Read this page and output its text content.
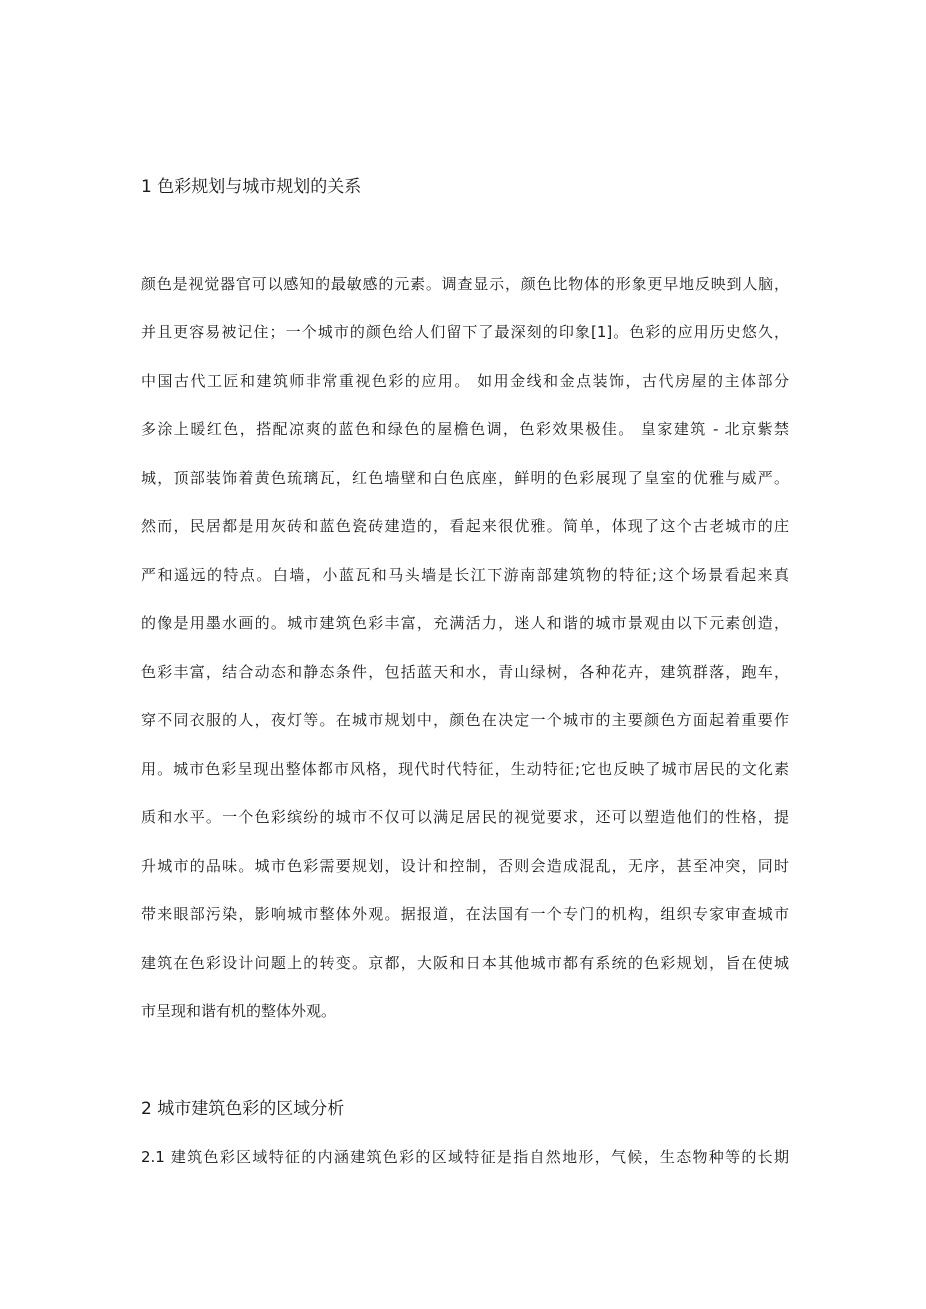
1 色彩规划与城市规划的关系

颜色是视觉器官可以感知的最敏感的元素。调查显示，颜色比物体的形象更早地反映到人脑，

并且更容易被记住；一个城市的颜色给人们留下了最深刻的印象[1]。色彩的应用历史悠久，

中国古代工匠和建筑师非常重视色彩的应用。 如用金线和金点装饰，古代房屋的主体部分

多涂上暖红色，搭配凉爽的蓝色和绿色的屋檐色调，色彩效果极佳。 皇家建筑 - 北京紫禁

城，顶部装饰着黄色琉璃瓦，红色墙壁和白色底座，鲜明的色彩展现了皇室的优雅与威严。

然而，民居都是用灰砖和蓝色瓷砖建造的，看起来很优雅。简单，体现了这个古老城市的庄

严和遥远的特点。白墙，小蓝瓦和马头墙是长江下游南部建筑物的特征;这个场景看起来真

的像是用墨水画的。城市建筑色彩丰富，充满活力，迷人和谐的城市景观由以下元素创造，

色彩丰富，结合动态和静态条件，包括蓝天和水，青山绿树，各种花卉，建筑群落，跑车，

穿不同衣服的人，夜灯等。在城市规划中，颜色在决定一个城市的主要颜色方面起着重要作

用。城市色彩呈现出整体都市风格，现代时代特征，生动特征;它也反映了城市居民的文化素

质和水平。一个色彩缤纷的城市不仅可以满足居民的视觉要求，还可以塑造他们的性格，提

升城市的品味。城市色彩需要规划，设计和控制，否则会造成混乱，无序，甚至冲突，同时

带来眼部污染，影响城市整体外观。据报道，在法国有一个专门的机构，组织专家审查城市

建筑在色彩设计问题上的转变。京都，大阪和日本其他城市都有系统的色彩规划，旨在使城

市呈现和谐有机的整体外观。

2 城市建筑色彩的区域分析

2.1 建筑色彩区域特征的内涵建筑色彩的区域特征是指自然地形，气候，生态物种等的长期
